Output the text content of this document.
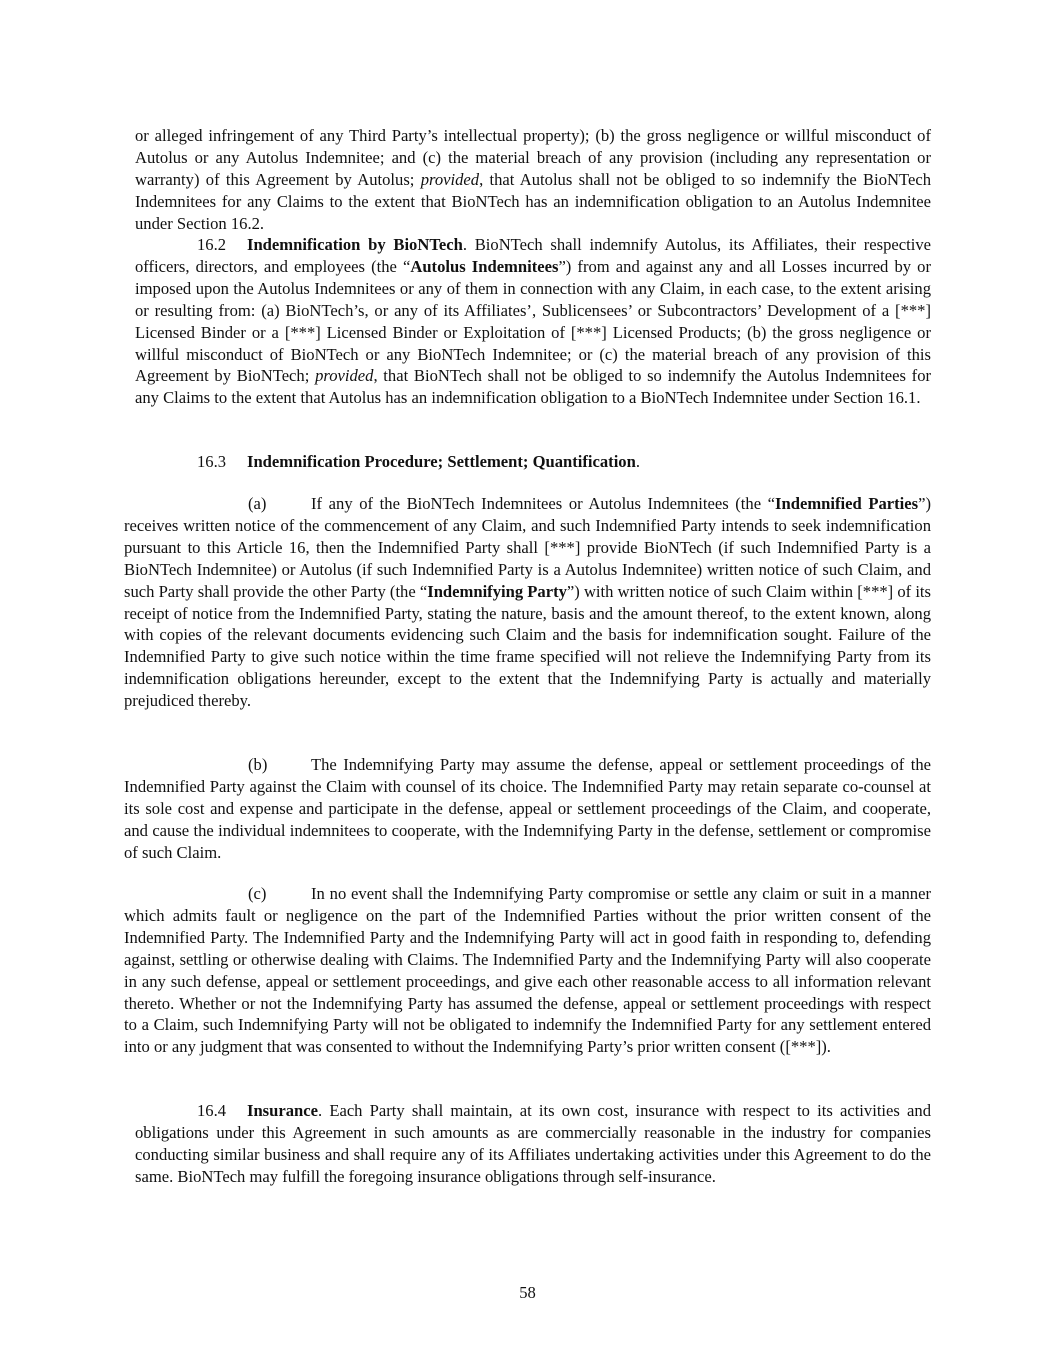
or alleged infringement of any Third Party’s intellectual property); (b) the gross negligence or willful misconduct of Autolus or any Autolus Indemnitee; and (c) the material breach of any provision (including any representation or warranty) of this Agreement by Autolus; provided, that Autolus shall not be obliged to so indemnify the BioNTech Indemnitees for any Claims to the extent that BioNTech has an indemnification obligation to an Autolus Indemnitee under Section 16.2.

16.2 Indemnification by BioNTech. BioNTech shall indemnify Autolus, its Affiliates, their respective officers, directors, and employees (the “Autolus Indemnitees”) from and against any and all Losses incurred by or imposed upon the Autolus Indemnitees or any of them in connection with any Claim, in each case, to the extent arising or resulting from: (a) BioNTech’s, or any of its Affiliates’, Sublicensees’ or Subcontractors’ Development of a [***] Licensed Binder or a [***] Licensed Binder or Exploitation of [***] Licensed Products; (b) the gross negligence or willful misconduct of BioNTech or any BioNTech Indemnitee; or (c) the material breach of any provision of this Agreement by BioNTech; provided, that BioNTech shall not be obliged to so indemnify the Autolus Indemnitees for any Claims to the extent that Autolus has an indemnification obligation to a BioNTech Indemnitee under Section 16.1.

16.3 Indemnification Procedure; Settlement; Quantification.

(a)	If any of the BioNTech Indemnitees or Autolus Indemnitees (the “Indemnified Parties”) receives written notice of the commencement of any Claim, and such Indemnified Party intends to seek indemnification pursuant to this Article 16, then the Indemnified Party shall [***] provide BioNTech (if such Indemnified Party is a BioNTech Indemnitee) or Autolus (if such Indemnified Party is a Autolus Indemnitee) written notice of such Claim, and such Party shall provide the other Party (the “Indemnifying Party”) with written notice of such Claim within [***] of its receipt of notice from the Indemnified Party, stating the nature, basis and the amount thereof, to the extent known, along with copies of the relevant documents evidencing such Claim and the basis for indemnification sought. Failure of the Indemnified Party to give such notice within the time frame specified will not relieve the Indemnifying Party from its indemnification obligations hereunder, except to the extent that the Indemnifying Party is actually and materially prejudiced thereby.

(b)	The Indemnifying Party may assume the defense, appeal or settlement proceedings of the Indemnified Party against the Claim with counsel of its choice. The Indemnified Party may retain separate co-counsel at its sole cost and expense and participate in the defense, appeal or settlement proceedings of the Claim, and cooperate, and cause the individual indemnitees to cooperate, with the Indemnifying Party in the defense, settlement or compromise of such Claim.

(c)	In no event shall the Indemnifying Party compromise or settle any claim or suit in a manner which admits fault or negligence on the part of the Indemnified Parties without the prior written consent of the Indemnified Party. The Indemnified Party and the Indemnifying Party will act in good faith in responding to, defending against, settling or otherwise dealing with Claims. The Indemnified Party and the Indemnifying Party will also cooperate in any such defense, appeal or settlement proceedings, and give each other reasonable access to all information relevant thereto. Whether or not the Indemnifying Party has assumed the defense, appeal or settlement proceedings with respect to a Claim, such Indemnifying Party will not be obligated to indemnify the Indemnified Party for any settlement entered into or any judgment that was consented to without the Indemnifying Party’s prior written consent ([***]).

16.4 Insurance. Each Party shall maintain, at its own cost, insurance with respect to its activities and obligations under this Agreement in such amounts as are commercially reasonable in the industry for companies conducting similar business and shall require any of its Affiliates undertaking activities under this Agreement to do the same. BioNTech may fulfill the foregoing insurance obligations through self-insurance.

58
